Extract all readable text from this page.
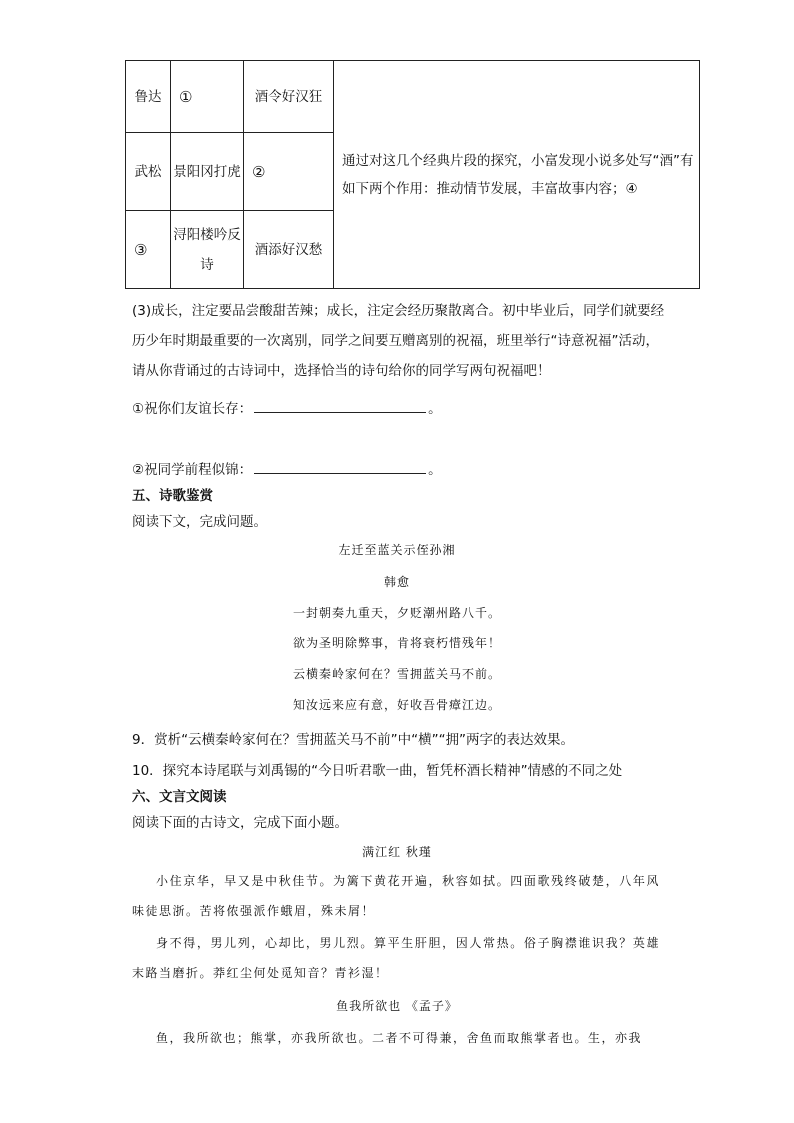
鲁达	①	酒令好汉狂	通过对这几个经典片段的探究，小富发现小说多处写“酒”有如下两个作用：推动情节发展，丰富故事内容；④
武松	景阳冈打虎	②	
③	浔阳楼吟反诗	酒添好汉愁	
(3)成长，注定要品尝酸甜苦辣；成长，注定会经历聚散离合。初中毕业后，同学们就要经历少年时期最重要的一次离别，同学之间要互赠离别的祝福，班里举行“诗意祝福”活动，请从你背诵过的古诗词中，选择恰当的诗句给你的同学写两句祝福吧！
①祝你们友谊长存：	。
②祝同学前程似锦：	。
五、诗歌鉴赏
阅读下文，完成问题。
左迁至蓝关示侄孙湘
韩愈
一封朝奏九重天，夕贬潮州路八千。
欲为圣明除弊事，肯将衰朽惜残年！
云横秦岭家何在？雪拥蓝关马不前。
知汝远来应有意，好收吾骨瘴江边。
9．赏析“云横秦岭家何在？雪拥蓝关马不前”中“横”“拥”两字的表达效果。
10．探究本诗尾联与刘禹锡的“今日听君歌一曲，暂凭杯酒长精神”情感的不同之处
六、文言文阅读
阅读下面的古诗文，完成下面小题。
满江红 秋瑾
小住京华，早又是中秋佳节。为篱下黄花开遍，秋容如拭。四面歌残终破楚，八年风味徒思浙。苦将侬强派作蛾眉，殊未屑！
身不得，男儿列，心却比，男儿烈。算平生肝胆，因人常热。俗子胸襟谁识我？英雄末路当磨折。莽红尘何处觅知音？青衫湿！
鱼我所欲也 《孟子》
鱼，我所欲也；熊掌，亦我所欲也。二者不可得兼，舍鱼而取熊掌者也。生，亦我
